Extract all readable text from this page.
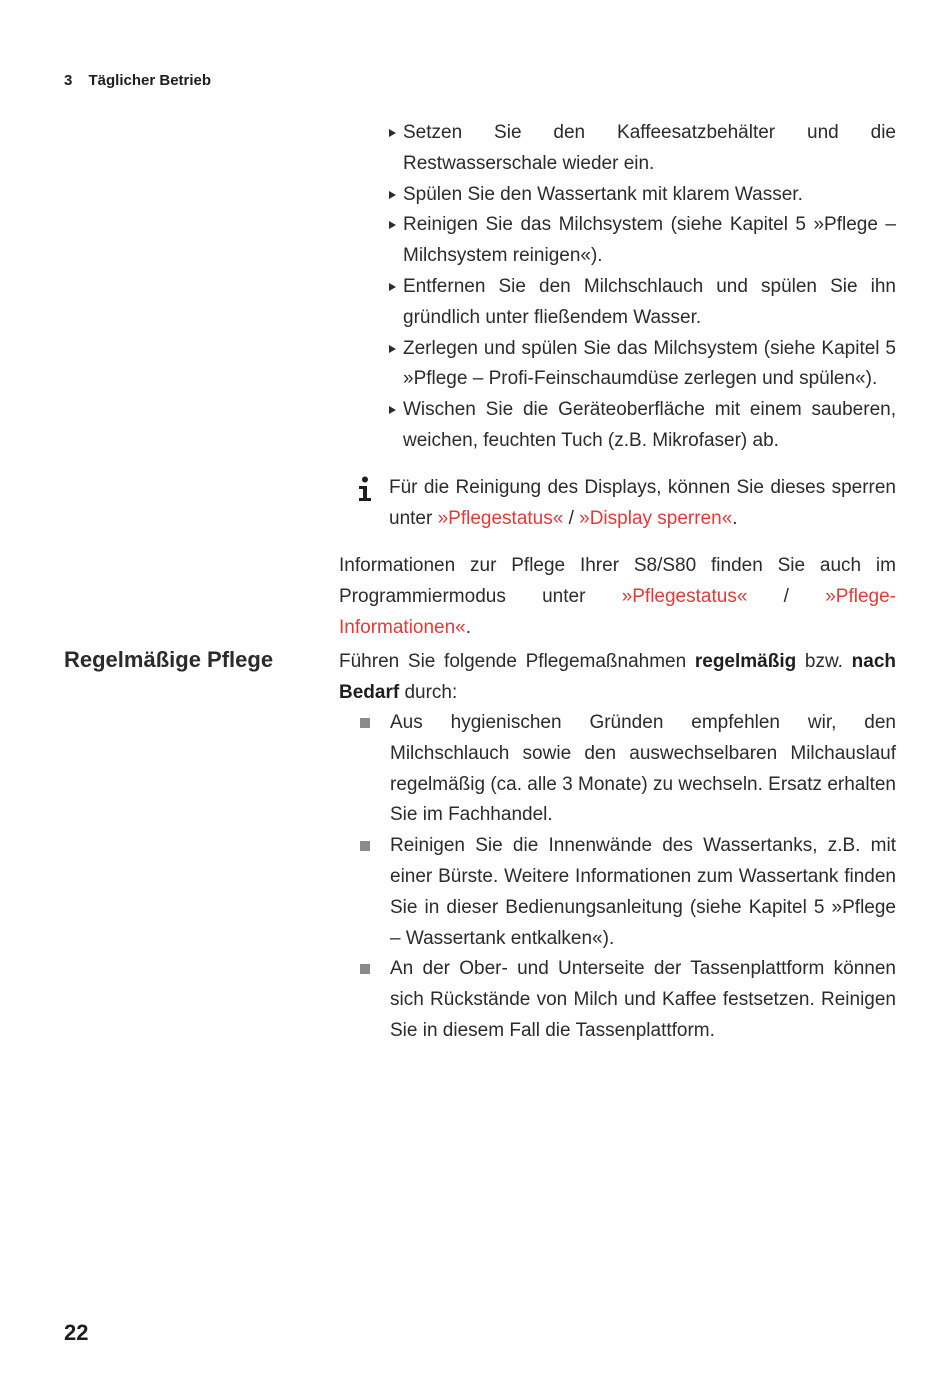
3 Täglicher Betrieb
Setzen Sie den Kaffeesatzbehälter und die Restwasserschale wieder ein.
Spülen Sie den Wassertank mit klarem Wasser.
Reinigen Sie das Milchsystem (siehe Kapitel 5 »Pflege – Milchsystem reinigen«).
Entfernen Sie den Milchschlauch und spülen Sie ihn gründlich unter fließendem Wasser.
Zerlegen und spülen Sie das Milchsystem (siehe Kapitel 5 »Pflege – Profi-Feinschaumdüse zerlegen und spülen«).
Wischen Sie die Geräteoberfläche mit einem sauberen, weichen, feuchten Tuch (z.B. Mikrofaser) ab.
Für die Reinigung des Displays, können Sie dieses sperren unter »Pflegestatus« / »Display sperren«.

Informationen zur Pflege Ihrer S8/S80 finden Sie auch im Programmiermodus unter »Pflegestatus« / »Pflege-Informationen«.

Regelmäßige Pflege	Führen Sie folgende Pflegemaßnahmen regelmäßig bzw. nach Bedarf durch:

Aus hygienischen Gründen empfehlen wir, den Milchschlauch sowie den auswechselbaren Milchauslauf regelmäßig (ca. alle 3 Monate) zu wechseln. Ersatz erhalten Sie im Fachhandel.
Reinigen Sie die Innenwände des Wassertanks, z.B. mit einer Bürste. Weitere Informationen zum Wassertank finden Sie in dieser Bedienungsanleitung (siehe Kapitel 5 »Pflege – Wassertank entkalken«).
An der Ober- und Unterseite der Tassenplattform können sich Rückstände von Milch und Kaffee festsetzen. Reinigen Sie in diesem Fall die Tassenplattform.
22
